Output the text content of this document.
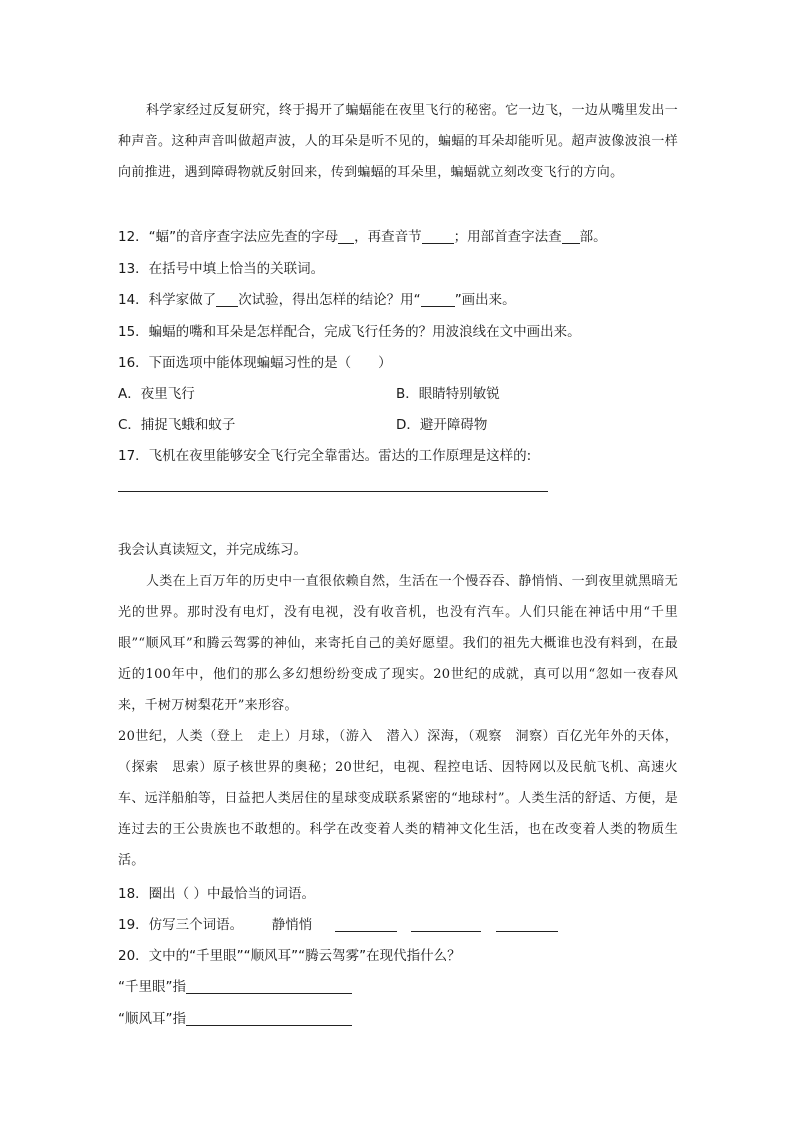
科学家经过反复研究，终于揭开了蝙蝠能在夜里飞行的秘密。它一边飞，一边从嘴里发出一种声音。这种声音叫做超声波，人的耳朵是听不见的，蝙蝠的耳朵却能听见。超声波像波浪一样向前推进，遇到障碍物就反射回来，传到蝙蝠的耳朵里，蝙蝠就立刻改变飞行的方向。
12．“蝠”的音序查字法应先查的字母 ，再查音节 ；用部首查字法查 部。
13．在括号中填上恰当的关联词。
14．科学家做了 次试验，得出怎样的结论？用“	”画出来。
15．蝙蝠的嘴和耳朵是怎样配合，完成飞行任务的？用波浪线在文中画出来。
16．下面选项中能体现蝙蝠习性的是（　　）
A．夜里飞行	B．眼睛特别敏锐
C．捕捉飞蛾和蚊子	D．避开障碍物
17．飞机在夜里能够安全飞行完全靠雷达。雷达的工作原理是这样的:
我会认真读短文，并完成练习。
人类在上百万年的历史中一直很依赖自然，生活在一个慢吞吞、静悄悄、一到夜里就黑暗无光的世界。那时没有电灯，没有电视，没有收音机，也没有汽车。人们只能在神话中用“千里眼”“顺风耳”和腾云驾雾的神仙，来寄托自己的美好愿望。我们的祖先大概谁也没有料到，在最近的100年中，他们的那么多幻想纷纷变成了现实。20世纪的成就，真可以用“忽如一夜春风来，千树万树梨花开”来形容。
20世纪，人类（登上　走上）月球，（游入　潜入）深海，（观察　洞察）百亿光年外的天体，（探索　思索）原子核世界的奥秘；20世纪，电视、程控电话、因特网以及民航飞机、高速火车、远洋船舶等，日益把人类居住的星球变成联系紧密的“地球村”。人类生活的舒适、方便，是连过去的王公贵族也不敢想的。科学在改变着人类的精神文化生活，也在改变着人类的物质生活。
18．圈出（ ）中最恰当的词语。
19．仿写三个词语。 静悄悄
20．文中的“千里眼”“顺风耳”“腾云驾雾”在现代指什么？
“千里眼”指
“顺风耳”指
